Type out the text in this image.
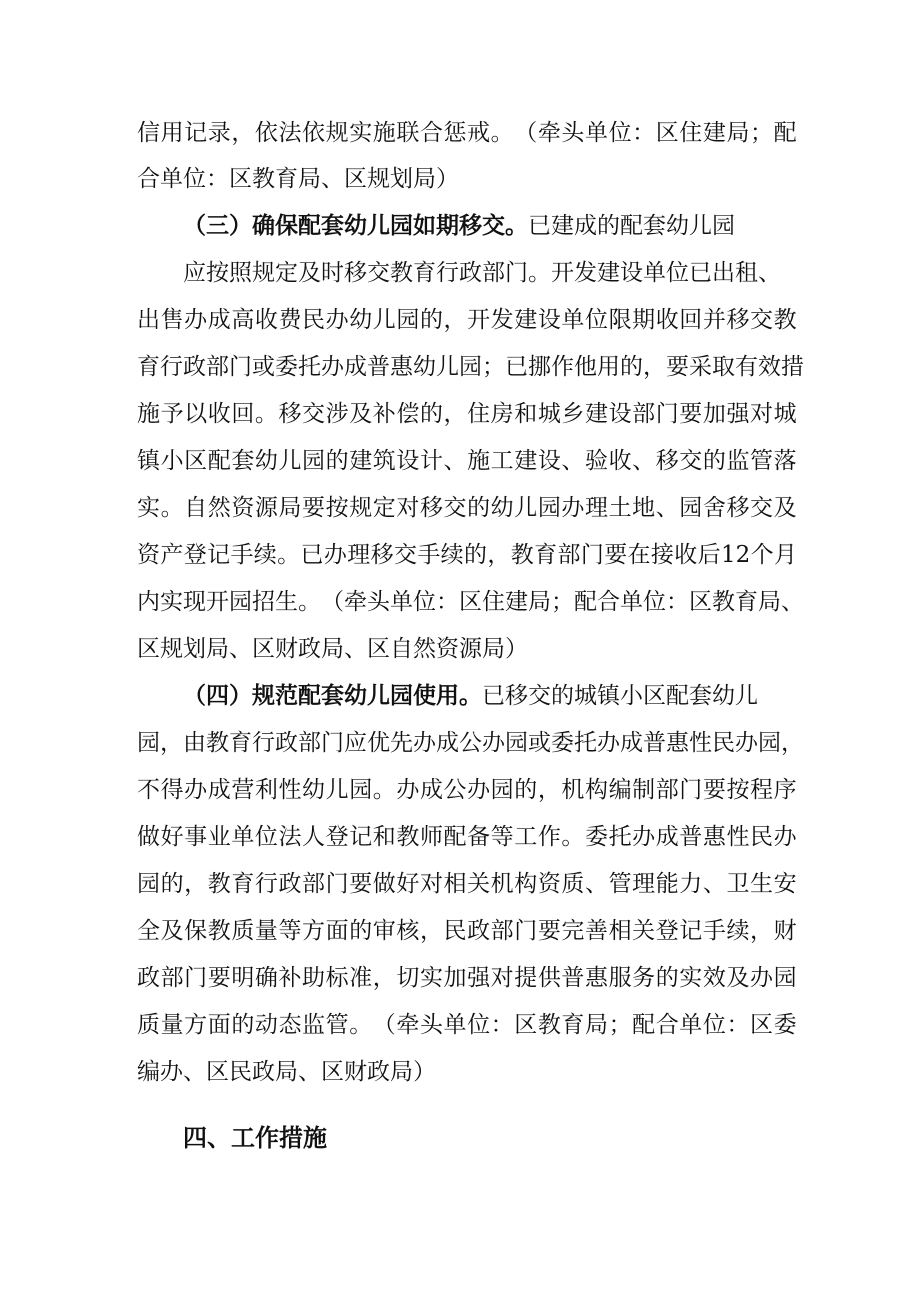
信 用 记 录 ， 依 法 依 规 实 施 联 合 惩 戒 。 （ 牵 头 单 位 ： 区 住 建 局 ； 配
合单位：区教育局、区规划局）
（三）确保配套幼儿园如期移交。已建成的配套幼儿园
应按照规定及时移交教育行政部门。开发建设单位已出租、
出 售 办 成 高 收 费 民 办 幼 儿 园 的 ， 开 发 建 设 单 位 限 期 收 回 并 移 交 教
育 行 政 部 门 或 委 托 办 成 普 惠 幼 儿 园 ； 已 挪 作 他 用 的 ， 要 采 取 有 效 措
施 予 以 收 回 。 移 交 涉 及 补 偿 的 ， 住 房 和 城 乡 建 设 部 门 要 加 强 对 城
镇 小 区 配 套 幼 儿 园 的 建 筑 设 计 、 施 工 建 设 、 验 收 、 移 交 的 监 管 落
实 。 自 然 资 源 局 要 按 规 定 对 移 交 的 幼 儿 园 办 理 土 地 、 园 舍 移 交 及
资 产 登 记 手 续 。 已 办 理 移 交 手 续 的 ， 教 育 部 门 要 在 接 收 后 12 个 月
内 实 现 开 园 招 生 。 （ 牵 头 单 位 ： 区 住 建 局 ； 配 合 单 位 ： 区 教 育 局 、
区规划局、区财政局、区自然资源局）
（四）规范配套幼儿园使用。已移交的城镇小区配套幼儿
园 ， 由 教 育 行 政 部 门 应 优 先 办 成 公 办 园 或 委 托 办 成 普 惠 性 民 办 园 ，
不 得 办 成 营 利 性 幼 儿 园 。 办 成 公 办 园 的 ， 机 构 编 制 部 门 要 按 程 序
做 好 事 业 单 位 法 人 登 记 和 教 师 配 备 等 工 作 。 委 托 办 成 普 惠 性 民 办
园 的 ， 教 育 行 政 部 门 要 做 好 对 相 关 机 构 资 质 、 管 理 能 力 、 卫 生 安
全 及 保 教 质 量 等 方 面 的 审 核 ， 民 政 部 门 要 完 善 相 关 登 记 手 续 ， 财
政 部 门 要 明 确 补 助 标 准 ， 切 实 加 强 对 提 供 普 惠 服 务 的 实 效 及 办 园
质 量 方 面 的 动 态 监 管 。 （ 牵 头 单 位 ： 区 教 育 局 ； 配 合 单 位 ： 区 委
编办、区民政局、区财政局）
四、工作措施
